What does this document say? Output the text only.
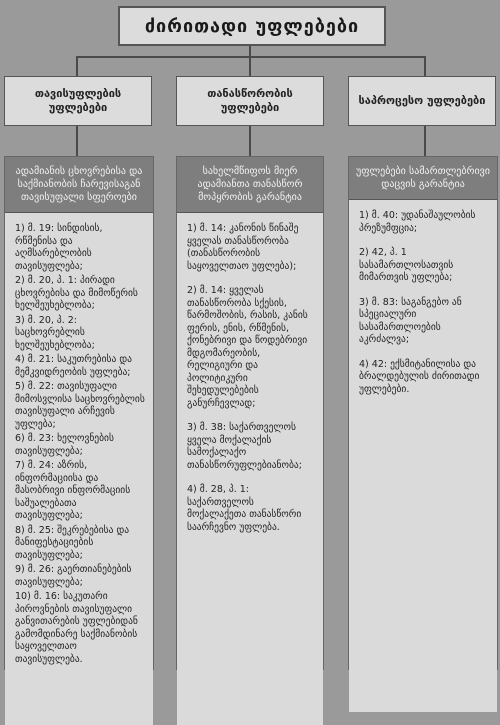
ძირითადი უფლებები
თავისუფლების უფლებები
თანასწორობის უფლებები
საპროცესო უფლებები
ადამიანის ცხოვრებისა და საქმიანობის ჩარევისაგან თავისუფალი სფეროები
1) მ. 19: სინდისის, რწმენისა და აღმსარებლობის თავისუფლება;
2) მ. 20, პ. 1: პირადი ცხოვრებისა და მიმოწერის ხელშეუხებლობა;
3) მ. 20, პ. 2: საცხოვრებლის ხელშეუხებლობა;
4) მ. 21: საკუთრებისა და მემკვიდრეობის უფლება;
5) მ. 22: თავისუფალი მიმოსვლისა საცხოვრებლის თავისუფალი არჩევის უფლება;
6) მ. 23: ხელოვნების თავისუფლება;
7) მ. 24: აზრის, ინფორმაციისა და მასობრივი ინფორმაციის საშუალებათა თავისუფლება;
8) მ. 25: შეკრებებისა და მანიფესტაციების თავისუფლება;
9) მ. 26: გაერთიანებების თავისუფლება;
10) მ. 16: საკუთარი პიროვნების თავისუფალი განვითარების უფლებიდან გამომდინარე საქმიანობის საყოველთაო თავისუფლება.
სახელმწიფოს მიერ ადამიანთა თანასწორ მოპყრობის გარანტია
1) მ. 14: კანონის წინაშე ყველას თანასწორობა (თანასწორობის საყოველთაო უფლება);
2) მ. 14: ყველას თანასწორობა სქესის, წარმოშობის, რასის, კანის ფერის, ენის, რწმენის, ქონებრივი და წოდებრივი მდგომარეობის, რელიგიური და პოლიტიკური შეხედულებების განურჩევლად;
3) მ. 38: საქართველოს ყველა მოქალაქის სამოქალაქო თანასწორუფლებიანობა;
4) მ. 28, პ. 1: საქართველოს მოქალაქეთა თანასწორი საარჩევნო უფლება.
უფლებები სამართლებრივი დაცვის გარანტია
1) მ. 40: უდანაშაულობის პრეზუმფცია;
2) 42, პ. 1 სასამართლოსათვის მიმართვის უფლება;
3) მ. 83: საგანგებო ან სპეციალური სასამართლოების აკრძალვა;
4) 42: ექსმიტანილისა და ბრალდებულის ძირითადი უფლებები.
